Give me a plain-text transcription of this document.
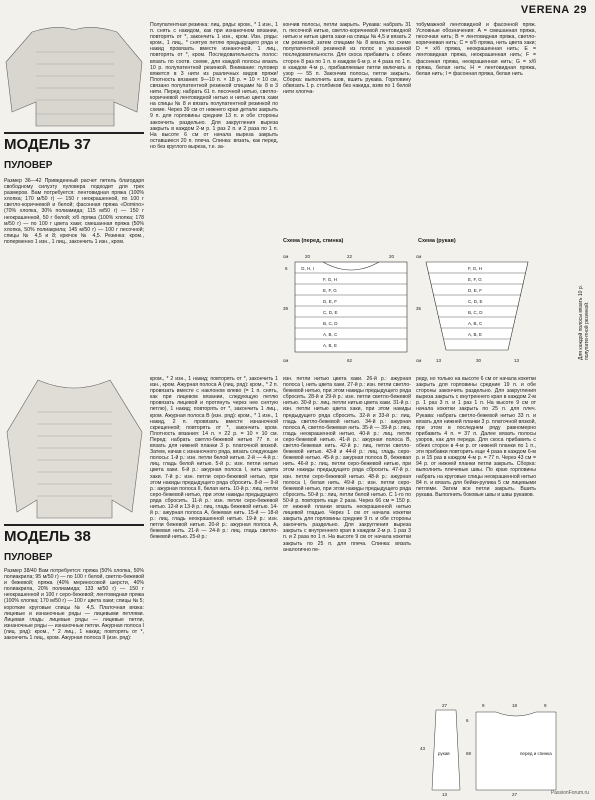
VERENA 29
МОДЕЛЬ 37
ПУЛОВЕР
Размер 36—42 Приведенный расчет петель благодаря свободному силуэту пуловера подходит для трех размеров. Вам потребуется: лентовидная пряжа (100% хлопка; 170 м/50 г) — 150 г неокрашенной, по 100 г светло-коричневой и белой; фасонная пряжа «Domino» (70% хлопка, 30% полиамида; 115 м/50 г) — 150 г неокрашенной, 50 г белой; х/б пряжа (100% хлопка; 178 м/50 г) — по 100 г цвета хаки; смешанная пряжа (50% хлопка, 50% полиакрила; 145 м/50 г) — 100 г песочной; спицы № 4,5 и 8; крючок № 4,5. Резинка: кром., поперменно 1 изн., 1 лиц., закончить 1 изн., кром.
Полупатентная резинка: лиц. ряды: кром., * 1 изн., 1 п. снять с накидом, как при изнаночном вязании, повторять от *, закончить 1 изн., кром. Изн. ряды: кром., 1 лиц., * снятую петлю предыдущего ряда и накид провязать вместе изнаночной, 1 лиц., повторять от *, кром. Последовательность полос: вязать по соотв. схеме, для каждой полосы вязать 10 р. полупатентной резинкой. Внимание: пуловер вяжется в 3 нити из различных видов пряжи! Плотность вязания: 9—10 п. × 18 р. = 10 × 10 см, связано полупатентной резинкой спицами № 8 в 3 нити. Перед: набрать 61 п. песочной нитью, светло-коричневой лентовидной нитью и нитью цвета хаки на спицы № 8 и вязать полупатентной резинкой по схеме. Через 39 см от нижнего края детали закрыть 9 п. для горловины средние 13 п. и обе стороны закончить раздельно. Для закругления выреза закрыть в каждом 2-м р. 1 раз 2 п. и 2 раза по 1 п. На высоте 6 см от начала выреза закрыть оставшиеся 20 п. плеча. Спинка: вязать, как перед, но без круглого выреза, т.е. за-
кончив полосы, петли закрыть. Рукава: набрать 31 п. песочной нитью, светло-коричневой лентовидной нитью и нитью цвета хаки на спицы № 4,5 и вязать 2 см резинкой, затем спицами № 8 вязать по схеме полупатентной резинкой из полос в указанной последовательности. Для скоса прибавить с обеих сторон 8 раз по 1 п. в каждом 6-м р. и 4 раза по 1 п. в каждом 4-м р., прибавляемые петли включать в узор — 55 п. Закончив полосы, петли закрыть. Сборка: выполнить шов, вшить рукава. Горловину обвязать 1 р. столбиков без накида, взяв по 1 белой нити хлопча-
тобумажной лентовидной и фасонной пряж. Условные обозначения: А = смешанная пряжа, песочная нить; В = лентовидная пряжа, светло-коричневая нить; С = х/б пряжа, нить цвета хаки; D = х/б пряжа, неокрашенная нить; Е = лентовидная пряжа, неокрашенная нить; F = фасонная пряжа, неокрашенная нить; G = х/б пряжа, белая нить; Н = лентовидная пряжа, белая нить; I = фасонная пряжа, белая нить
Схема (перед, спинка)
G, H, I
F, G, H
E, F, G
D, E, F
C, D, E
B, C, D
A, B, C
A, B, E
см	20	22	20
6
39
см	62
Схема (рукав)
F, G, H
E, F, G
D, E, F
C, D, E
B, C, D
A, B, C
A, B, E
см
35
см	13	30	13
Для каждой полосы вязать 10 р. полупатентной резинкой.
МОДЕЛЬ 38
ПУЛОВЕР
Размер 38/40 Вам потребуется: пряжа (50% хлопка, 50% полиакрила; 95 м/50 г) — по 100 г белой, светло-бежевой и бежевой; пряжа (40% мериносовой шерсти, 40% полиакрила, 20% полиамида; 133 м/50 г) — 150 г неокрашенной и 100 г серо-бежевой; лентовидная пряжа (100% хлопка; 170 м/50 г) — 100 г цвета хаки; спицы № 5; короткие круговые спицы № 4,5. Платочная вязка: лицевые и изнаночные ряды — лицевыми петлями. Лицевая гладь: лицевые ряды — лицевые петли, изнаночные ряды — изнаночные петли. Ажурная полоса I (лиц. ряд): кром., * 2 лиц., 1 накид; повторять от *, закончить 1 лиц., кром. Ажурная полоса II (изн. ряд):
кром., * 2 изн., 1 накид; повторять от *, закончить 1 изн., кром. Ажурная полоса А (лиц. ряд): кром., * 2 п. провязать вместе с наклоном влево (= 1 п. снять, как при лицевом вязании, следующую петлю провязать лицевой и протянуть через нее снятую петлю), 1 накид; повторять от *, закончить 1 лиц., кром. Ажурная полоса В (изн. ряд): кром., * 1 изн., 1 накид, 2 п. провязать вместе изнаночной скрещенной; повторять от *, закончить кром. Плотность вязания: 14 п. × 22 р. = 10 × 10 см. Перед: набрать светло-бежевой нитью 77 п. и вязать для нижней планки 3 р. платочной вязкой. Затем, начав с изнаночного ряда, вязать следующие полосы: 1-й р.: изн. петли белой нитью. 2-й — 4-й р.: лиц. гладь белой нитью. 5-й р.: изн. петли нитью цвета хаки. 6-й р.: ажурная полоса I, нить цвета хаки. 7-й р.: изн. петли серо-бежевой нитью, при этом накиды предыдущего ряда сбросить. 8-й — 9-й р.: ажурная полоса II, белая нить. 10-й р.: лиц. петли серо-бежевой нитью, при этом накиды предыдущего ряда сбросить. 11-й р.: изн. петли серо-бежевой нитью. 12-й и 13-й р.: лиц. гладь бежевой нитью. 14-й р.: ажурная полоса А, бежевая нить. 15-й — 18-й р.: лиц. гладь неокрашенной нитью. 19-й р.: изн. петли бежевой нитью. 20-й р.: ажурная полоса А, бежевая нить. 21-й — 24-й р.: лиц. гладь светло-бежевой нитью. 25-й р.:
изн. петли нитью цвета хаки. 26-й р.: ажурная полоса I, нить цвета хаки. 27-й р.: изн. петли светло-бежевой нитью, при этом накиды предыдущего ряда сбросить. 28-й и 29-й р.: изн. петли светло-бежевой нитью. 30-й р.: лиц. петли нитью цвета хаки. 31-й р.: изн. петли нитью цвета хаки, при этом накиды предыдущего ряда сбросить. 32-й и 33-й р.: лиц. гладь светло-бежевой нитью. 34-й р.: ажурная полоса А, светло-бежевая нить. 35-й — 39-й р.: лиц. гладь неокрашенной нитью. 40-й р.: лиц. петли серо-бежевой нитью. 41-й р.: ажурная полоса В, светло-бежевая нить. 42-й р.: лиц. петли светло-бежевой нитью. 43-й и 44-й р.: лиц. гладь серо-бежевой нитью. 45-й р.: ажурная полоса В, бежевая нить. 46-й р.: лиц. петли серо-бежевой нитью, при этом накиды предыдущего ряда сбросить. 47-й р.: изн. петли серо-бежевой нитью. 48-й р.: ажурная полоса I, белая нить. 49-й р.: изн. петли серо-бежевой нитью, при этом накиды предыдущего ряда сбросить. 50-й р.: лиц. петли белой нитью. С 1-го по 50-й р. повторить еще 2 раза. Через 66 см = 150 р. от нижней планки вязать неокрашенной нитью лицевой гладью. Через 1 см от начала кокетки закрыть для горловины средние 9 п. и обе стороны закончить раздельно. Для закругления выреза закрыть с внутреннего края в каждом 2-м р. 1 раз 3 п. и 2 раза по 1 п. На высоте 9 см от начала кокетки закрыть по 25 п. для плеча. Спинка: вязать аналогично пе-
реду, но только на высоте 6 см от начала кокетки закрыть для горловины средние 19 п. и обе стороны закончить раздельно. Для закругления выреза закрыть с внутреннего края в каждом 2-м р. 1 раз 3 п. и 1 раз 1 п. На высоте 9 см от начала кокетки закрыть по 25 п. для плеч. Рукава: набрать светло-бежевой нитью 33 п. и вязать для нижней планки 3 р. платочной вязкой, при этом в последнем ряду равномерно прибавить 4 п. = 37 п. Далее вязать полосы узоров, как для переда. Для скоса прибавить с обеих сторон в 4-м р. от нижней планки по 1 п., эти прибавки повторить еще 4 раза в каждом 6-м р. и 15 раз в каждом 4-м р. = 77 п. Через 43 см = 94 р. от нижней планки петли закрыть. Сборка: выполнить плечевые швы. По краю горловины набрать на круговые спицы неокрашенной нитью 84 п. и вязать для бейки-рулика 5 см лицевыми петлями. Затем все петли закрыть. Вшить рукава. Выполнить боковые швы и швы рукавов.
рукав	перед и спинка
27
43
13
9	18	9
69
6
27	PassionForum.ru
